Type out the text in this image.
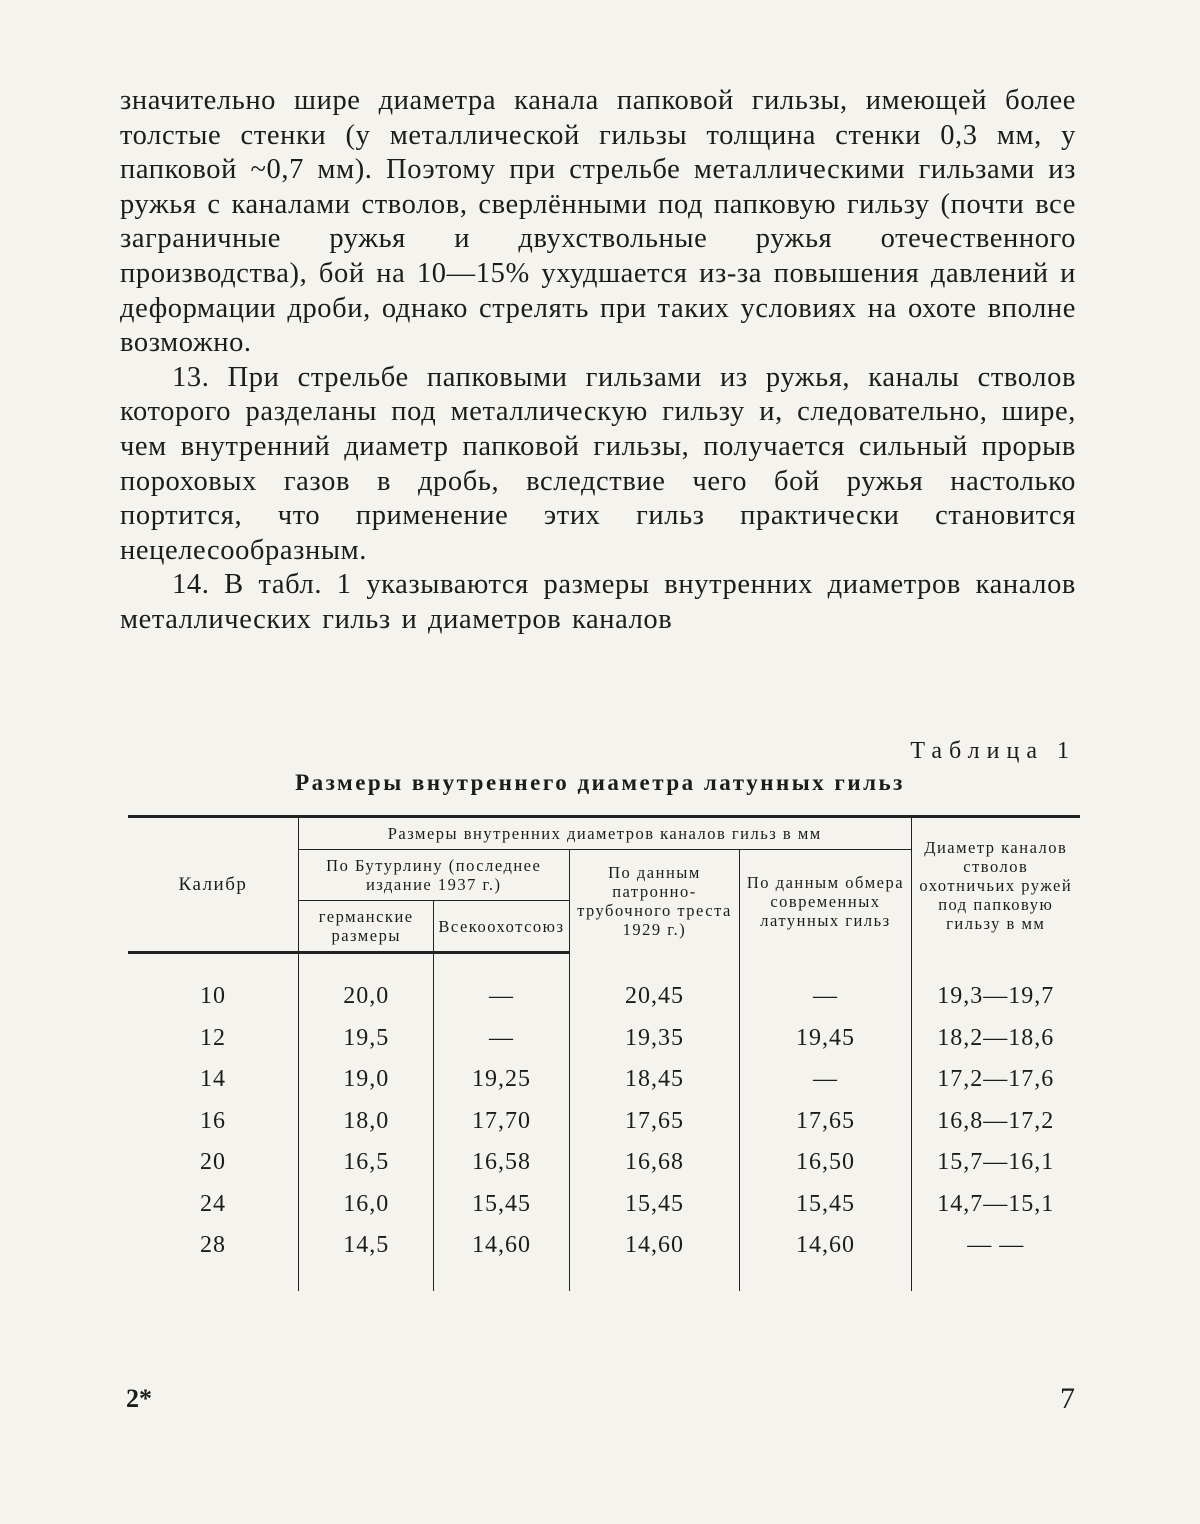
значительно шире диаметра канала папковой гильзы, имеющей более толстые стенки (у металлической гильзы толщина стенки 0,3 мм, у папковой ~0,7 мм). Поэтому при стрельбе металлическими гильзами из ружья с каналами стволов, сверлёнными под папковую гильзу (почти все заграничные ружья и двухствольные ружья отечественного производства), бой на 10—15% ухудшается из-за повышения давлений и деформации дроби, однако стрелять при таких условиях на охоте вполне возможно.

13. При стрельбе папковыми гильзами из ружья, каналы стволов которого разделаны под металлическую гильзу и, следовательно, шире, чем внутренний диаметр папковой гильзы, получается сильный прорыв пороховых газов в дробь, вследствие чего бой ружья настолько портится, что применение этих гильз практически становится нецелесообразным.

14. В табл. 1 указываются размеры внутренних диаметров каналов металлических гильз и диаметров каналов

Таблица 1
Размеры внутреннего диаметра латунных гильз
Калибр	Размеры внутренних диаметров каналов гильз в мм	Диаметр каналов стволов охотничьих ружей под папковую гильзу в мм
По Бутурлину (последнее издание 1937 г.)	По данным патронно-трубочного треста 1929 г.)	По данным обмера современных латунных гильз
германские размеры	Всекоохотсоюз
10	20,0	—	20,45	—	19,3—19,7
12	19,5	—	19,35	19,45	18,2—18,6
14	19,0	19,25	18,45	—	17,2—17,6
16	18,0	17,70	17,65	17,65	16,8—17,2
20	16,5	16,58	16,68	16,50	15,7—16,1
24	16,0	15,45	15,45	15,45	14,7—15,1
28	14,5	14,60	14,60	14,60	— —
2*	7
